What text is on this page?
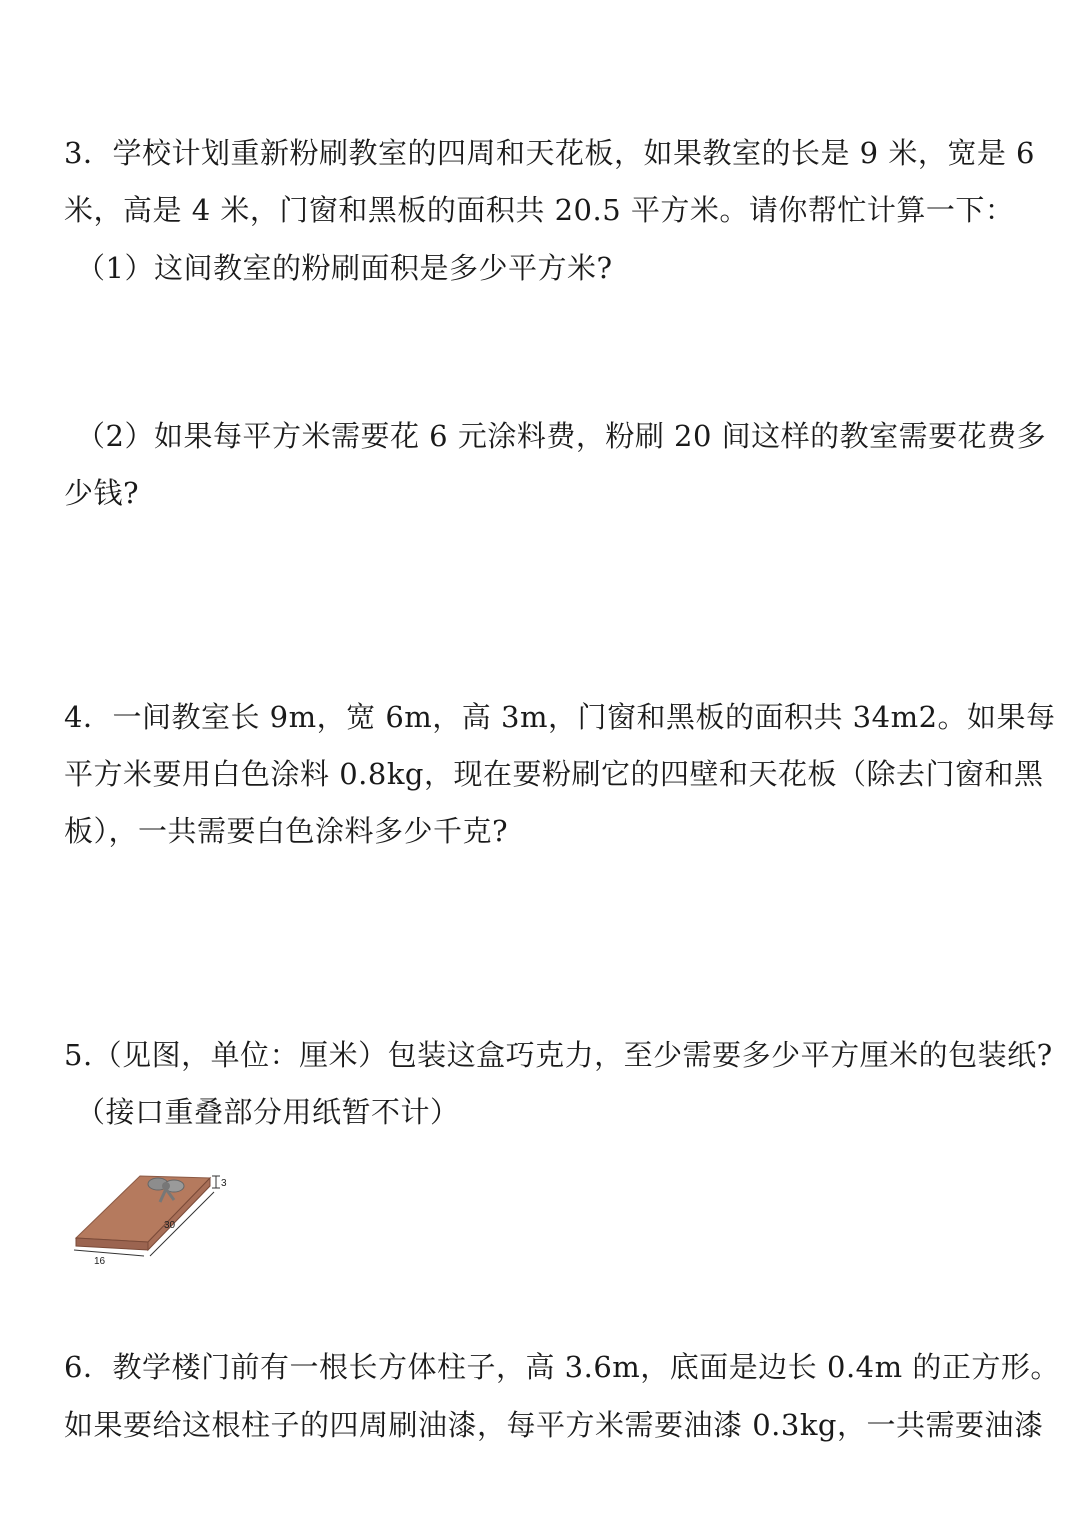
3．学校计划重新粉刷教室的四周和天花板，如果教室的长是 9 米，宽是 6
米，高是 4 米，门窗和黑板的面积共 20.5 平方米。请你帮忙计算一下：
（1）这间教室的粉刷面积是多少平方米?
（2）如果每平方米需要花 6 元涂料费，粉刷 20 间这样的教室需要花费多
少钱?
4．一间教室长 9m，宽 6m，高 3m，门窗和黑板的面积共 34m2。如果每
平方米要用白色涂料 0.8kg，现在要粉刷它的四壁和天花板（除去门窗和黑
板），一共需要白色涂料多少千克?
5.（见图，单位：厘米）包装这盒巧克力，至少需要多少平方厘米的包装纸?
（接口重叠部分用纸暂不计）
3
30
16
6．教学楼门前有一根长方体柱子，高 3.6m，底面是边长 0.4m 的正方形。
如果要给这根柱子的四周刷油漆，每平方米需要油漆 0.3kg，一共需要油漆
